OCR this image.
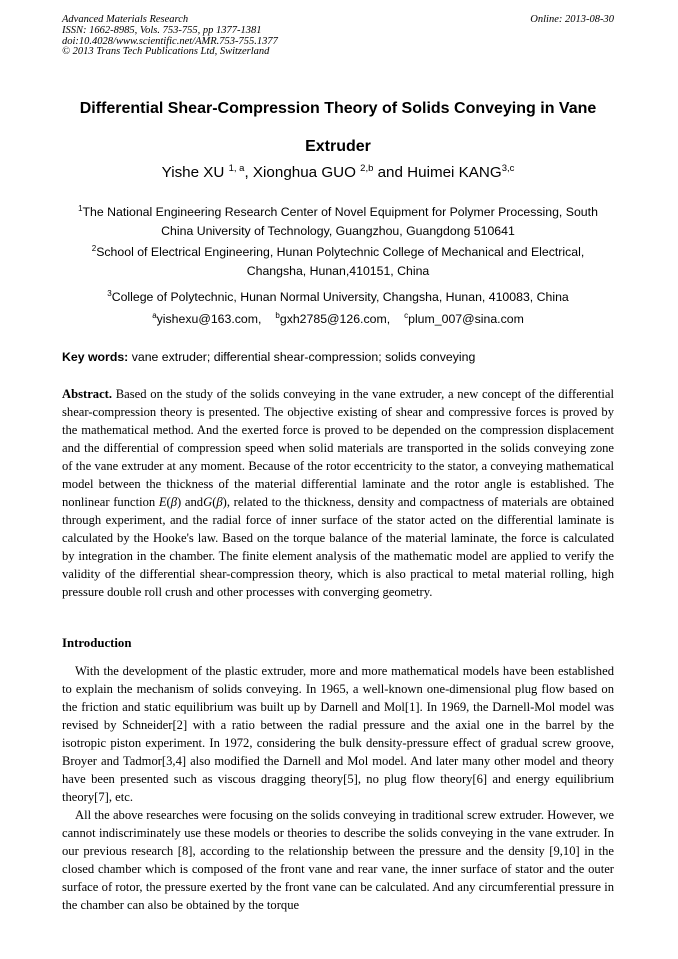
Advanced Materials Research
ISSN: 1662-8985, Vols. 753-755, pp 1377-1381
doi:10.4028/www.scientific.net/AMR.753-755.1377
© 2013 Trans Tech Publications Ltd, Switzerland
Online: 2013-08-30
Differential Shear-Compression Theory of Solids Conveying in Vane
Extruder
Yishe XU $^{1, a}$, Xionghua GUO $^{2,b}$ and Huimei KANG$^{3,c}$
$^1$The National Engineering Research Center of Novel Equipment for Polymer Processing, South
China University of Technology, Guangzhou, Guangdong 510641
$^2$School of Electrical Engineering, Hunan Polytechnic College of Mechanical and Electrical,
Changsha, Hunan,410151, China
$^3$College of Polytechnic, Hunan Normal University, Changsha, Hunan, 410083, China
$^a$yishexu@163.com, $^b$gxh2785@126.com, $^c$plum_007@sina.com
Key words: vane extruder; differential shear-compression; solids conveying
Abstract. Based on the study of the solids conveying in the vane extruder, a new concept of the differential shear-compression theory is presented. The objective existing of shear and compressive forces is proved by the mathematical method. And the exerted force is proved to be depended on the compression displacement and the differential of compression speed when solid materials are transported in the solids conveying zone of the vane extruder at any moment. Because of the rotor eccentricity to the stator, a conveying mathematical model between the thickness of the material differential laminate and the rotor angle is established. The nonlinear function E(β) andG(β), related to the thickness, density and compactness of materials are obtained through experiment, and the radial force of inner surface of the stator acted on the differential laminate is calculated by the Hooke's law. Based on the torque balance of the material laminate, the force is calculated by integration in the chamber. The finite element analysis of the mathematic model are applied to verify the validity of the differential shear-compression theory, which is also practical to metal material rolling, high pressure double roll crush and other processes with converging geometry.
Introduction
With the development of the plastic extruder, more and more mathematical models have been established to explain the mechanism of solids conveying. In 1965, a well-known one-dimensional plug flow based on the friction and static equilibrium was built up by Darnell and Mol[1]. In 1969, the Darnell-Mol model was revised by Schneider[2] with a ratio between the radial pressure and the axial one in the barrel by the isotropic piston experiment. In 1972, considering the bulk density-pressure effect of gradual screw groove, Broyer and Tadmor[3,4] also modified the Darnell and Mol model. And later many other model and theory have been presented such as viscous dragging theory[5], no plug flow theory[6] and energy equilibrium theory[7], etc.
All the above researches were focusing on the solids conveying in traditional screw extruder. However, we cannot indiscriminately use these models or theories to describe the solids conveying in the vane extruder. In our previous research [8], according to the relationship between the pressure and the density [9,10] in the closed chamber which is composed of the front vane and rear vane, the inner surface of stator and the outer surface of rotor, the pressure exerted by the front vane can be calculated. And any circumferential pressure in the chamber can also be obtained by the torque
